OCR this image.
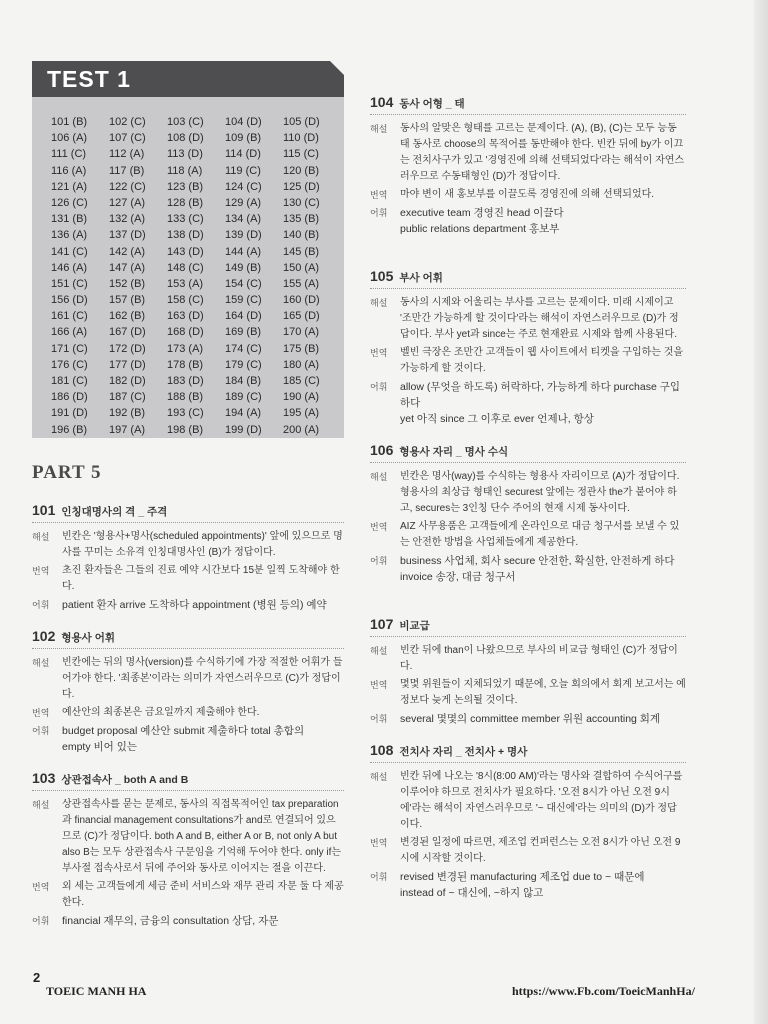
TEST 1
101 (B)	102 (C)	103 (C)	104 (D)	105 (D)
106 (A)	107 (C)	108 (D)	109 (B)	110 (D)
111 (C)	112 (A)	113 (D)	114 (D)	115 (C)
116 (A)	117 (B)	118 (A)	119 (C)	120 (B)
121 (A)	122 (C)	123 (B)	124 (C)	125 (D)
126 (C)	127 (A)	128 (B)	129 (A)	130 (C)
131 (B)	132 (A)	133 (C)	134 (A)	135 (B)
136 (A)	137 (D)	138 (D)	139 (D)	140 (B)
141 (C)	142 (A)	143 (D)	144 (A)	145 (B)
146 (A)	147 (A)	148 (C)	149 (B)	150 (A)
151 (C)	152 (B)	153 (A)	154 (C)	155 (A)
156 (D)	157 (B)	158 (C)	159 (C)	160 (D)
161 (C)	162 (B)	163 (D)	164 (D)	165 (D)
166 (A)	167 (D)	168 (D)	169 (B)	170 (A)
171 (C)	172 (D)	173 (A)	174 (C)	175 (B)
176 (C)	177 (D)	178 (B)	179 (C)	180 (A)
181 (C)	182 (D)	183 (D)	184 (B)	185 (C)
186 (D)	187 (C)	188 (B)	189 (C)	190 (A)
191 (D)	192 (B)	193 (C)	194 (A)	195 (A)
196 (B)	197 (A)	198 (B)	199 (D)	200 (A)
PART 5
101 인칭대명사의 격 _ 주격
해설	빈칸은 '형용사+명사(scheduled appointments)' 앞에 있으므로 명사를 꾸미는 소유격 인칭대명사인 (B)가 정답이다.
번역	초진 환자들은 그들의 진료 예약 시간보다 15분 일찍 도착해야 한다.
어휘	patient 환자 arrive 도착하다 appointment (병원 등의) 예약
102 형용사 어휘
해설	빈칸에는 뒤의 명사(version)를 수식하기에 가장 적절한 어휘가 들어가야 한다. '최종본'이라는 의미가 자연스러우므로 (C)가 정답이다.
번역	예산안의 최종본은 금요일까지 제출해야 한다.
어휘	budget proposal 예산안 submit 제출하다 total 총합의
empty 비어 있는
103 상관접속사 _ both A and B
해설	상관접속사를 묻는 문제로, 동사의 직접목적어인 tax preparation과 financial management consultations가 and로 연결되어 있으므로 (C)가 정답이다. both A and B, either A or B, not only A but also B는 모두 상관접속사 구문임을 기억해 두어야 한다. only if는 부사절 접속사로서 뒤에 주어와 동사로 이어지는 절을 이끈다.
번역	외 세는 고객들에게 세금 준비 서비스와 재무 관리 자문 둘 다 제공한다.
어휘	financial 재무의, 금융의 consultation 상담, 자문
104 동사 어형 _ 태
해설	동사의 알맞은 형태를 고르는 문제이다. (A), (B), (C)는 모두 능동태 동사로 choose의 목적어를 동반해야 한다. 빈칸 뒤에 by가 이끄는 전치사구가 있고 '경영진에 의해 선택되었다'라는 해석이 자연스러우므로 수동태형인 (D)가 정답이다.
번역	마야 변이 새 홍보부를 이끌도록 경영진에 의해 선택되었다.
어휘	executive team 경영진 head 이끌다
public relations department 홍보부
105 부사 어휘
해설	동사의 시제와 어울리는 부사를 고르는 문제이다. 미래 시제이고 '조만간 가능하게 할 것이다'라는 해석이 자연스러우므로 (D)가 정답이다. 부사 yet과 since는 주로 현재완료 시제와 함께 사용된다.
번역	벨빈 극장은 조만간 고객들이 웹 사이트에서 티켓을 구입하는 것을 가능하게 할 것이다.
어휘	allow (무엇을 하도록) 허락하다, 가능하게 하다 purchase 구입하다
yet 아직 since 그 이후로 ever 언제나, 항상
106 형용사 자리 _ 명사 수식
해설	빈칸은 명사(way)를 수식하는 형용사 자리이므로 (A)가 정답이다. 형용사의 최상급 형태인 securest 앞에는 정관사 the가 붙어야 하고, secures는 3인칭 단수 주어의 현재 시제 동사이다.
번역	AIZ 사무용품은 고객들에게 온라인으로 대금 청구서를 보낼 수 있는 안전한 방법을 사업체들에게 제공한다.
어휘	business 사업체, 회사 secure 안전한, 확실한, 안전하게 하다
invoice 송장, 대금 청구서
107 비교급
해설	빈칸 뒤에 than이 나왔으므로 부사의 비교급 형태인 (C)가 정답이다.
번역	몇몇 위원들이 지체되었기 때문에, 오늘 회의에서 회계 보고서는 예정보다 늦게 논의될 것이다.
어휘	several 몇몇의 committee member 위원 accounting 회계
108 전치사 자리 _ 전치사 + 명사
해설	빈칸 뒤에 나오는 '8시(8:00 AM)'라는 명사와 결합하여 수식어구를 이루어야 하므로 전치사가 필요하다. '오전 8시가 아닌 오전 9시에'라는 해석이 자연스러우므로 '~ 대신에'라는 의미의 (D)가 정답이다.
번역	변경된 일정에 따르면, 제조업 컨퍼런스는 오전 8시가 아닌 오전 9시에 시작할 것이다.
어휘	revised 변경된 manufacturing 제조업 due to ~ 때문에
instead of ~ 대신에, ~하지 않고
2
TOEIC MANH HA	https://www.Fb.com/ToeicManhHa/
